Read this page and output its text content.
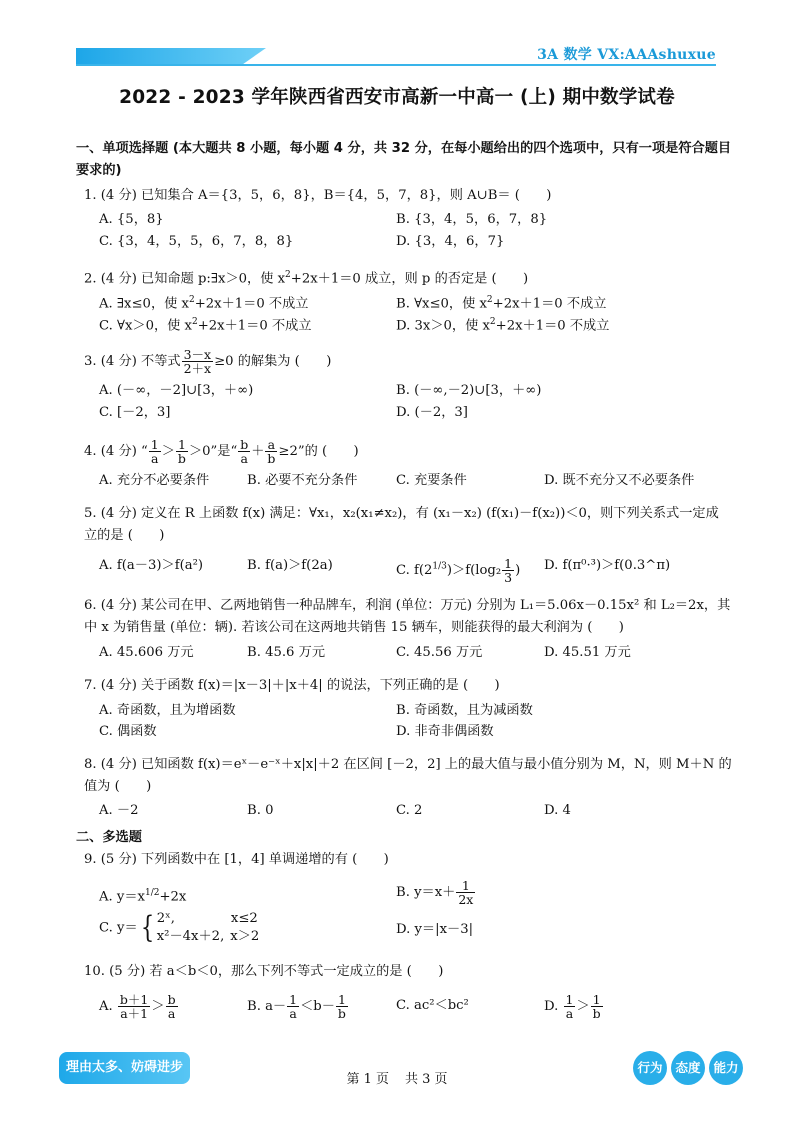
3A 数学 VX:AAAshuxue
2022 - 2023 学年陕西省西安市高新一中高一 (上) 期中数学试卷
一、单项选择题 (本大题共 8 小题，每小题 4 分，共 32 分，在每小题给出的四个选项中，只有一项是符合题目
要求的)
1. (4 分) 已知集合 A＝{3，5，6，8}，B＝{4，5，7，8}，则 A∪B＝ (　　)
A. {5，8}	B. {3，4，5，6，7，8}
C. {3，4，5，5，6，7，8，8}	D. {3，4，6，7}
2. (4 分) 已知命题 p:∃x＞0，使 $x^2+2x+1=0$ 成立，则 p 的否定是 (　　)
A. ∃x≤0，使 $x^2+2x+1=0$ 不成立	B. ∀x≤0，使 $x^2+2x+1=0$ 不成立
C. ∀x＞0，使 $x^2+2x+1=0$ 不成立	D. 3x＞0，使 $x^2+2x+1=0$ 不成立
3. (4 分) 不等式 $\frac{3-x}{2+x} \ge 0$ 的解集为 (　　)
A. (－∞，－2]∪[3，＋∞)	B. (－∞,－2)∪[3，＋∞)
C. [－2，3]	D. (－2，3]
4. (4 分) “ $\frac{1}{a} > \frac{1}{b} >0$”是“ $\frac{b}{a} + \frac{a}{b} \ge 2$”的 (　　)
A. 充分不必要条件	B. 必要不充分条件	C. 充要条件	D. 既不充分又不必要条件
5. (4 分) 定义在 R 上函数 f(x) 满足：∀x₁，x₂(x₁≠x₂)，有 (x₁－x₂) (f(x₁)－f(x₂))＜0，则下列关系式一定成
立的是 (　　)
A. f(a－3)＞f(a²)	B. f(a)＞f(2a)	C. $f(2^{1/3})>f(\log_2 \frac{1}{3}$ ) D. f(π⁰·³)＞f(0.3^π)
6. (4 分) 某公司在甲、乙两地销售一种品牌车，利润 (单位：万元) 分别为 L₁＝5.06x－0.15x² 和 L₂＝2x，其
中 x 为销售量 (单位：辆). 若该公司在这两地共销售 15 辆车，则能获得的最大利润为 (　　)
A. 45.606 万元	B. 45.6 万元	C. 45.56 万元	D. 45.51 万元
7. (4 分) 关于函数 f(x)＝|x－3|＋|x＋4| 的说法，下列正确的是 (　　)
A. 奇函数，且为增函数	B. 奇函数，且为减函数
C. 偶函数	D. 非奇非偶函数
8. (4 分) 已知函数 f(x)＝eˣ－e⁻ˣ＋x|x|＋2 在区间 [－2，2] 上的最大值与最小值分别为 M，N，则 M＋N 的
值为 (　　)
A. －2	B. 0	C. 2	D. 4
二、多选题
9. (5 分) 下列函数中在 [1，4] 单调递增的有 (　　)
A. $y=x^{1/2}+2x$	B. $y=x+ \frac{1}{2x}$
C. y＝{ 2ˣ,	x≤2
x²－4x＋2, x＞2	D. y＝|x－3|
10. (5 分) 若 a＜b＜0，那么下列不等式一定成立的是 (　　)
A. $\frac{b+1}{a+1} > \frac{b}{a}$	B. $a- \frac{1}{a} <b- \frac{1}{b}$	C. ac²＜bc²	D. $\frac{1}{a} > \frac{1}{b}$
理由太多、妨碍进步
第 1 页 共 3 页
行为	态度	能力
